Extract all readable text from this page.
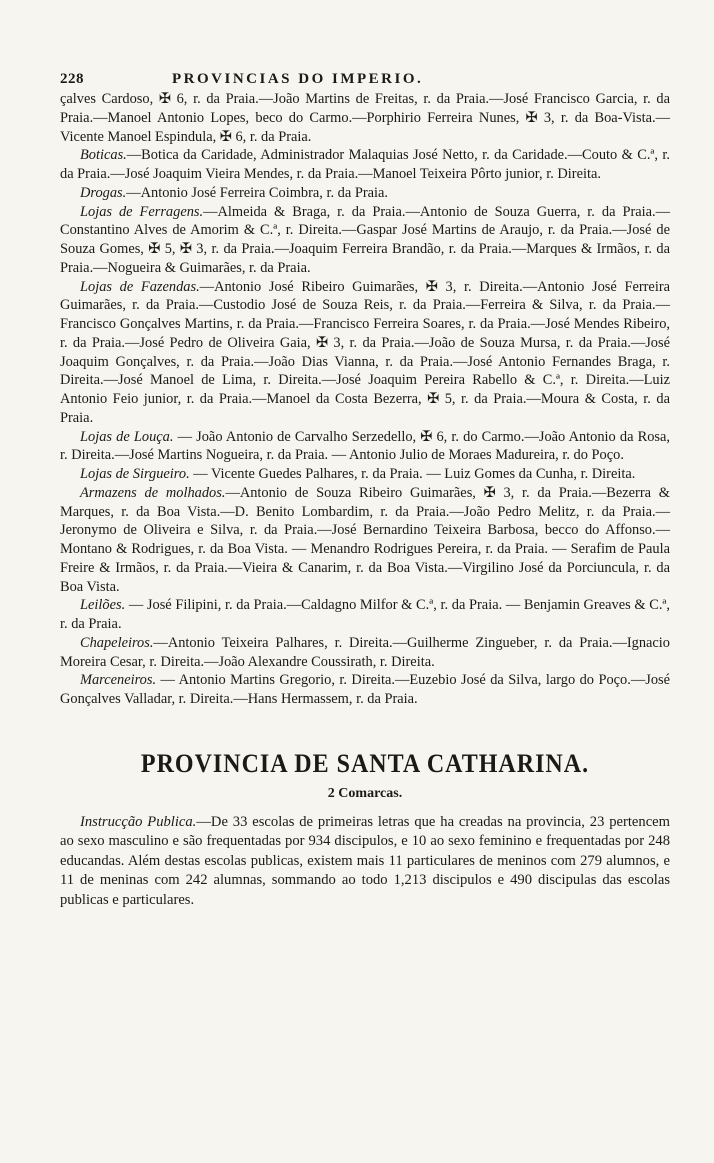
228	PROVINCIAS DO IMPERIO.

çalves Cardoso, ✠ 6, r. da Praia.—João Martins de Freitas, r. da Praia.—José Francisco Garcia, r. da Praia.—Manoel Antonio Lopes, beco do Carmo.—Porphirio Ferreira Nunes, ✠ 3, r. da Boa-Vista.—Vicente Manoel Espindula, ✠ 6, r. da Praia.

Boticas.—Botica da Caridade, Administrador Malaquias José Netto, r. da Caridade.—Couto & C.ª, r. da Praia.—José Joaquim Vieira Mendes, r. da Praia.—Manoel Teixeira Pôrto junior, r. Direita.

Drogas.—Antonio José Ferreira Coimbra, r. da Praia.

Lojas de Ferragens.—Almeida & Braga, r. da Praia.—Antonio de Souza Guerra, r. da Praia.—Constantino Alves de Amorim & C.ª, r. Direita.—Gaspar José Martins de Araujo, r. da Praia.—José de Souza Gomes, ✠ 5, ✠ 3, r. da Praia.—Joaquim Ferreira Brandão, r. da Praia.—Marques & Irmãos, r. da Praia.—Nogueira & Guimarães, r. da Praia.

Lojas de Fazendas.—Antonio José Ribeiro Guimarães, ✠ 3, r. Direita.—Antonio José Ferreira Guimarães, r. da Praia.—Custodio José de Souza Reis, r. da Praia.—Ferreira & Silva, r. da Praia.—Francisco Gonçalves Martins, r. da Praia.—Francisco Ferreira Soares, r. da Praia.—José Mendes Ribeiro, r. da Praia.—José Pedro de Oliveira Gaia, ✠ 3, r. da Praia.—João de Souza Mursa, r. da Praia.—José Joaquim Gonçalves, r. da Praia.—João Dias Vianna, r. da Praia.—José Antonio Fernandes Braga, r. Direita.—José Manoel de Lima, r. Direita.—José Joaquim Pereira Rabello & C.ª, r. Direita.—Luiz Antonio Feio junior, r. da Praia.—Manoel da Costa Bezerra, ✠ 5, r. da Praia.—Moura & Costa, r. da Praia.

Lojas de Louça. — João Antonio de Carvalho Serzedello, ✠ 6, r. do Carmo.—João Antonio da Rosa, r. Direita.—José Martins Nogueira, r. da Praia. — Antonio Julio de Moraes Madureira, r. do Poço.

Lojas de Sirgueiro. — Vicente Guedes Palhares, r. da Praia. — Luiz Gomes da Cunha, r. Direita.

Armazens de molhados.—Antonio de Souza Ribeiro Guimarães, ✠ 3, r. da Praia.—Bezerra & Marques, r. da Boa Vista.—D. Benito Lombardim, r. da Praia.—João Pedro Melitz, r. da Praia.—Jeronymo de Oliveira e Silva, r. da Praia.—José Bernardino Teixeira Barbosa, becco do Affonso.—Montano & Rodrigues, r. da Boa Vista. — Menandro Rodrigues Pereira, r. da Praia. — Serafim de Paula Freire & Irmãos, r. da Praia.—Vieira & Canarim, r. da Boa Vista.—Virgilino José da Porciuncula, r. da Boa Vista.

Leilões. — José Filipini, r. da Praia.—Caldagno Milfor & C.ª, r. da Praia. — Benjamin Greaves & C.ª, r. da Praia.

Chapeleiros.—Antonio Teixeira Palhares, r. Direita.—Guilherme Zingueber, r. da Praia.—Ignacio Moreira Cesar, r. Direita.—João Alexandre Coussirath, r. Direita.

Marceneiros. — Antonio Martins Gregorio, r. Direita.—Euzebio José da Silva, largo do Poço.—José Gonçalves Valladar, r. Direita.—Hans Hermassem, r. da Praia.

PROVINCIA DE SANTA CATHARINA.
2 Comarcas.

Instrucção Publica.—De 33 escolas de primeiras letras que ha creadas na provincia, 23 pertencem ao sexo masculino e são frequentadas por 934 discipulos, e 10 ao sexo feminino e frequentadas por 248 educandas. Além destas escolas publicas, existem mais 11 particulares de meninos com 279 alumnos, e 11 de meninas com 242 alumnas, sommando ao todo 1,213 discipulos e 490 discipulas das escolas publicas e particulares.
